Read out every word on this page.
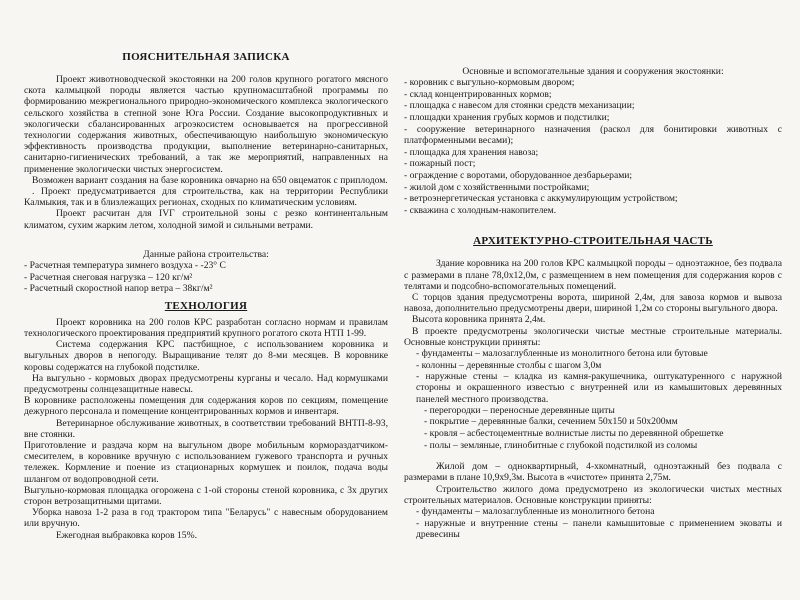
ПОЯСНИТЕЛЬНАЯ ЗАПИСКА

Проект животноводческой экостоянки на 200 голов крупного рогатого мясного скота калмыцкой породы является частью крупномасштабной программы по формированию межрегионального природно-экономического комплекса экологического сельского хозяйства в степной зоне Юга России. Создание высокопродуктивных и экологически сбалансированных агроэкосистем основывается на прогрессивной технологии содержания животных, обеспечивающую наибольшую экономическую эффективность производства продукции, выполнение ветеринарно-санитарных, санитарно-гигиенических требований, а так же мероприятий, направленных на применение экологически чистых энергосистем.

Возможен вариант создания на базе коровника овчарно на 650 овцематок с приплодом.

. Проект предусматривается для строительства, как на территории Республики Калмыкия, так и в близлежащих регионах, сходных по климатическим условиям.

Проект расчитан для IVГ строительной зоны с резко континентальным климатом, сухим жарким летом, холодной зимой и сильными ветрами.

Данные района строительства:

- Расчетная температура зимнего воздуха - -23° С
- Расчетная снеговая нагрузка – 120 кг/м²
- Расчетный скоростной напор ветра – 38кг/м²
ТЕХНОЛОГИЯ

Проект коровника на 200 голов КРС разработан согласно нормам и правилам технологического проектирования предприятий крупного рогатого скота НТП 1-99.

Система содержания КРС пастбищное, с использованием коровника и выгульных дворов в непогоду. Выращивание телят до 8-ми месяцев. В коровнике коровы содержатся на глубокой подстилке.

На выгульно - кормовых дворах предусмотрены курганы и чесало. Над кормушками предусмотрены солнцезащитные навесы.

В коровнике расположены помещения для содержания коров по секциям, помещение дежурного персонала и помещение концентрированных кормов и инвентаря.

Ветеринарное обслуживание животных, в соответствии требований ВНТП-8-93, вне стоянки.

Приготовление и раздача корм на выгульном дворе мобильным кормораздатчиком-смесителем, в коровнике вручную с использованием гужевого транспорта и ручных тележек. Кормление и поение из стационарных кормушек и поилок, подача воды шлангом от водопроводной сети.

Выгульно-кормовая площадка огорожена с 1-ой стороны стеной коровника, с 3х других сторон ветрозащитными щитами.

Уборка навоза 1-2 раза в год трактором типа "Беларусь" с навесным оборудованием или вручную.

Ежегодная выбраковка коров 15%.

Основные и вспомогательные здания и сооружения экостоянки:

- коровник с выгульно-кормовым двором;
- склад концентрированных кормов;
- площадка с навесом для стоянки средств механизации;
- площадки хранения грубых кормов и подстилки;
- сооружение ветеринарного назначения (раскол для бонитировки животных с платформенными весами);
- площадка для хранения навоза;
- пожарный пост;
- ограждение с воротами, оборудованное дезбарьерами;
- жилой дом с хозяйственными постройками;
- ветроэнергетическая установка с аккумулирующим устройством;
- скважина с холодным-накопителем.
АРХИТЕКТУРНО-СТРОИТЕЛЬНАЯ ЧАСТЬ

Здание коровника на 200 голов КРС калмыцкой породы – одноэтажное, без подвала с размерами в плане 78,0х12,0м, с размещением в нем помещения для содержания коров с телятами и подсобно-вспомогательных помещений.

С торцов здания предусмотрены ворота, шириной 2,4м, для завоза кормов и вывоза навоза, дополнительно предусмотрены двери, шириной 1,2м со стороны выгульного двора.

Высота коровника принята 2,4м.

В проекте предусмотрены экологически чистые местные строительные материалы. Основные конструкции приняты:

- фундаменты – малозаглубленные из монолитного бетона или бутовые
- колонны – деревянные столбы с шагом 3,0м

- наружные стены – кладка из камня-ракушечника, оштукатуренного с наружной стороны и окрашенного известью с внутренней или из камышитовых деревянных панелей местного производства.

- перегородки – переносные деревянные щиты
- покрытие – деревянные балки, сечением 50х150 и 50х200мм
- кровля – асбестоцементные волнистые листы по деревянной обрешетке
- полы – земляные, глинобитные с глубокой подстилкой из соломы

Жилой дом – одноквартирный, 4-хкомнатный, одноэтажный без подвала с размерами в плане 10,9х9,3м. Высота в «чистоте» принята 2,75м.

Строительство жилого дома предусмотрено из экологически чистых местных строительных материалов. Основные конструкции приняты:

- фундаменты – малозаглубленные из монолитного бетона

- наружные и внутренние стены – панели камышитовые с применением эковаты и древесины
